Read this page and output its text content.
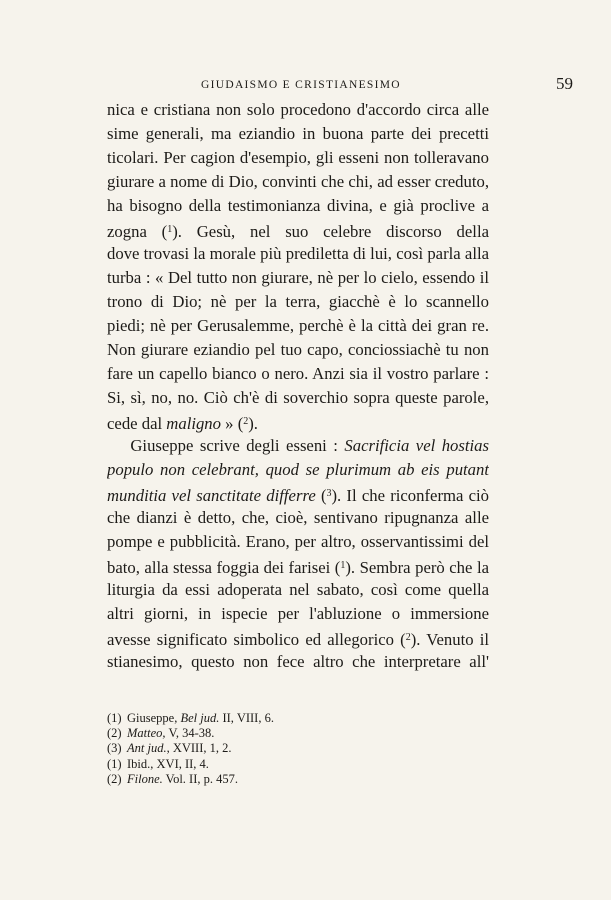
GIUDAISMO E CRISTIANESIMO	59
nica e cristiana non solo procedono d'accordo circa alle
sime generali, ma eziandio in buona parte dei precetti
ticolari. Per cagion d'esempio, gli esseni non tolleravano
giurare a nome di Dio, convinti che chi, ad esser creduto,
ha bisogno della testimonianza divina, e già proclive a
zogna ($^1$). Gesù, nel suo celebre discorso della
dove trovasi la morale più prediletta di lui, così parla alla
turba : « Del tutto non giurare, nè per lo cielo, essendo il
trono di Dio; nè per la terra, giacchè è lo scannello
piedi; nè per Gerusalemme, perchè è la città dei gran re.
Non giurare eziandio pel tuo capo, conciossiachè tu non
fare un capello bianco o nero. Anzi sia il vostro parlare :
Si, sì, no, no. Ciò ch'è di soverchio sopra queste parole,
cede dal maligno » ($^2$).
Giuseppe scrive degli esseni : Sacrificia vel hostias
populo non celebrant, quod se plurimum ab eis putant
munditia vel sanctitate differre ($^3$). Il che riconferma ciò
che dianzi è detto, che, cioè, sentivano ripugnanza alle
pompe e pubblicità. Erano, per altro, osservantissimi del
bato, alla stessa foggia dei farisei ($^1$). Sembra però che la
liturgia da essi adoperata nel sabato, così come quella
altri giorni, in ispecie per l'abluzione o immersione
avesse significato simbolico ed allegorico ($^2$). Venuto il
stianesimo, questo non fece altro che interpretare all'
(1) Giuseppe, Bel jud. II, VIII, 6.
(2) Matteo, V, 34-38.
(3) Ant jud., XVIII, 1, 2.
(1) Ibid., XVI, II, 4.
(2) Filone. Vol. II, p. 457.
